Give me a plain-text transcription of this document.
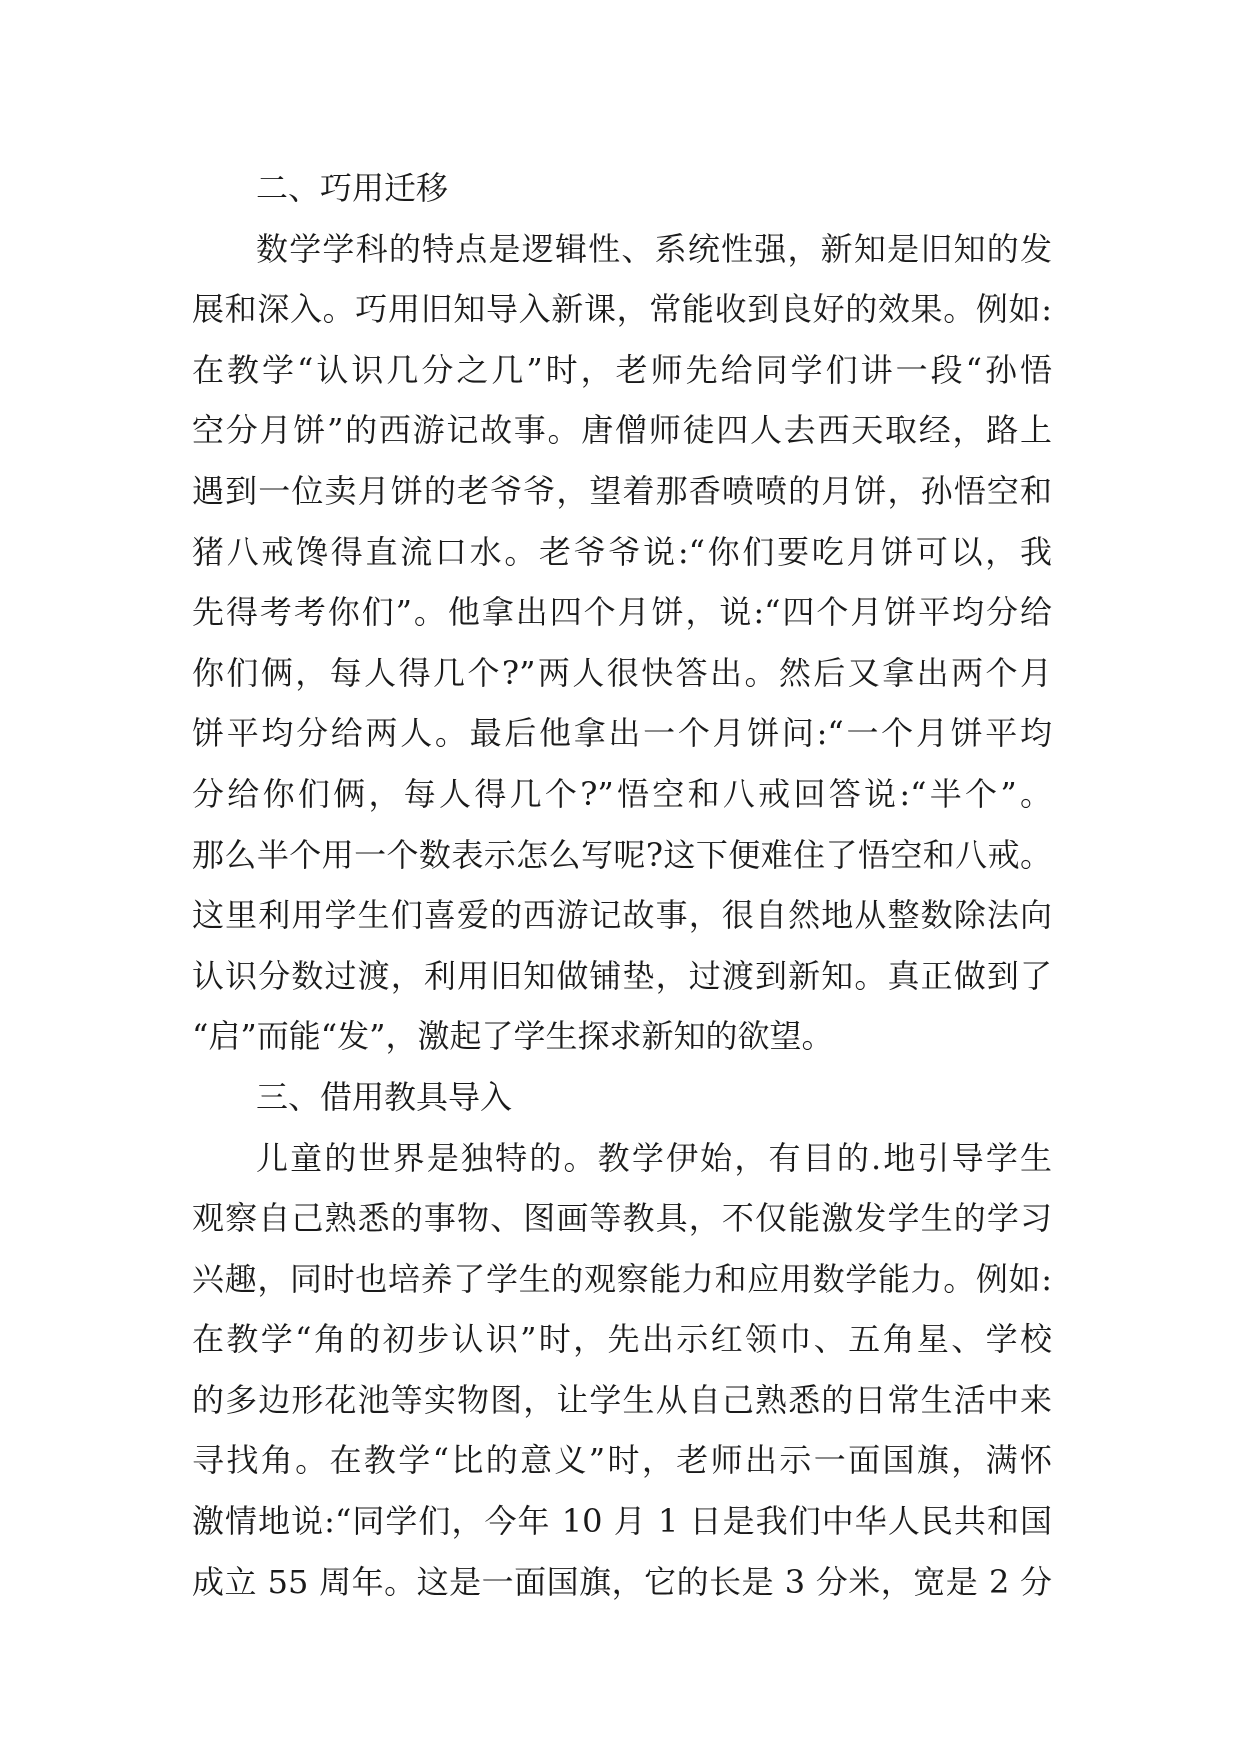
二、巧用迁移
数学学科的特点是逻辑性、系统性强，新知是旧知的发
展和深入。巧用旧知导入新课，常能收到良好的效果。例如:
在教学“认识几分之几”时，老师先给同学们讲一段“孙悟
空分月饼”的西游记故事。唐僧师徒四人去西天取经，路上
遇到一位卖月饼的老爷爷，望着那香喷喷的月饼，孙悟空和
猪八戒馋得直流口水。老爷爷说:“你们要吃月饼可以，我
先得考考你们”。他拿出四个月饼，说:“四个月饼平均分给
你们俩，每人得几个?”两人很快答出。然后又拿出两个月
饼平均分给两人。最后他拿出一个月饼问:“一个月饼平均
分给你们俩，每人得几个?”悟空和八戒回答说:“半个”。
那么半个用一个数表示怎么写呢?这下便难住了悟空和八戒。
这里利用学生们喜爱的西游记故事，很自然地从整数除法向
认识分数过渡，利用旧知做铺垫，过渡到新知。真正做到了
“启”而能“发”，激起了学生探求新知的欲望。
三、借用教具导入
儿童的世界是独特的。教学伊始，有目的.地引导学生
观察自己熟悉的事物、图画等教具，不仅能激发学生的学习
兴趣，同时也培养了学生的观察能力和应用数学能力。例如:
在教学“角的初步认识”时，先出示红领巾、五角星、学校
的多边形花池等实物图，让学生从自己熟悉的日常生活中来
寻找角。在教学“比的意义”时，老师出示一面国旗，满怀
激情地说:“同学们，今年 10 月 1 日是我们中华人民共和国
成立 55 周年。这是一面国旗，它的长是 3 分米，宽是 2 分
